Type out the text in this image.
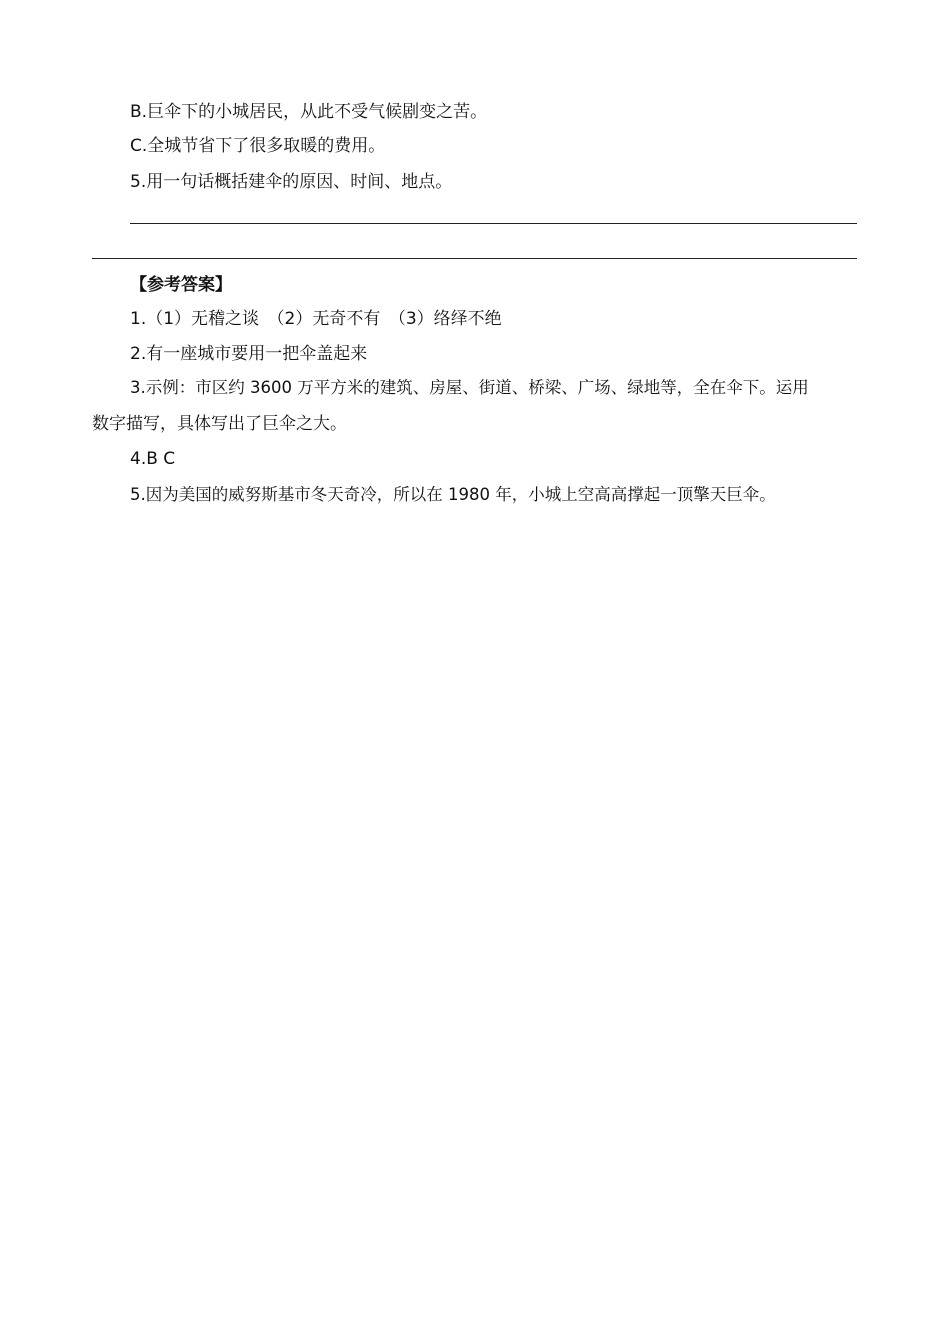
B.巨伞下的小城居民，从此不受气候剧变之苦。
C.全城节省下了很多取暖的费用。
5.用一句话概括建伞的原因、时间、地点。
【参考答案】
1.（1）无稽之谈　（2）无奇不有　（3）络绎不绝
2.有一座城市要用一把伞盖起来
3.示例：市区约 3600 万平方米的建筑、房屋、街道、桥梁、广场、绿地等，全在伞下。运用
数字描写，具体写出了巨伞之大。
4.B C
5.因为美国的威努斯基市冬天奇冷，所以在 1980 年，小城上空高高撑起一顶擎天巨伞。
